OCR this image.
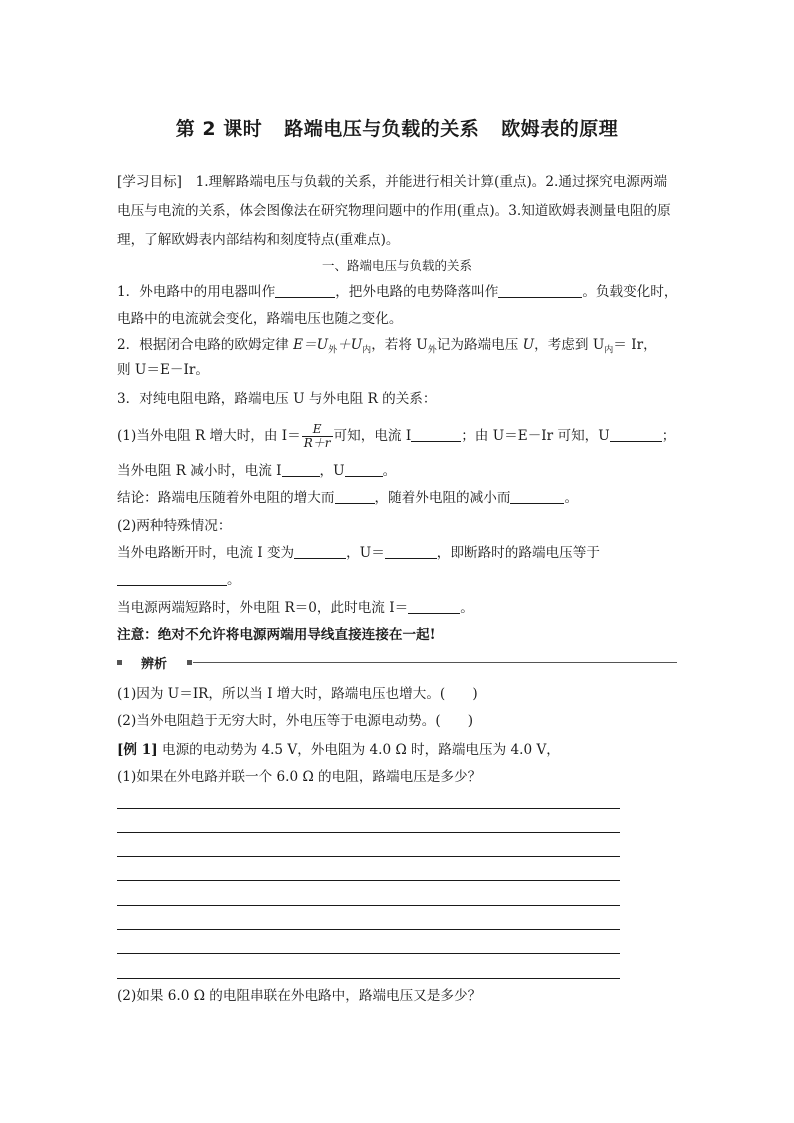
第 2 课时 路端电压与负载的关系 欧姆表的原理
[学习目标]　1.理解路端电压与负载的关系，并能进行相关计算(重点)。2.通过探究电源两端
电压与电流的关系，体会图像法在研究物理问题中的作用(重点)。3.知道欧姆表测量电阻的原
理，了解欧姆表内部结构和刻度特点(重难点)。
一、路端电压与负载的关系
1．外电路中的用电器叫作	，把外电路的电势降落叫作	。负载变化时，
电路中的电流就会变化，路端电压也随之变化。
2．根据闭合电路的欧姆定律 $E=U_外+U_内$，若将 $U_外$记为路端电压 U，考虑到 $U_内= Ir$，
则 U＝E－Ir。
3．对纯电阻电路，路端电压 U 与外电阻 R 的关系：
(1)当外电阻 R 增大时，由 $I= \frac{E}{R+r}$ 可知，电流 I	；由 U＝E－Ir 可知，U	；
当外电阻 R 减小时，电流 I	，U	。
结论：路端电压随着外电阻的增大而	，随着外电阻的减小而	。
(2)两种特殊情况：
当外电路断开时，电流 I 变为	，U＝	，即断路时的路端电压等于
。
当电源两端短路时，外电阻 R＝0，此时电流 I＝	。
注意：绝对不允许将电源两端用导线直接连接在一起!
辨析
(1)因为 U＝IR，所以当 I 增大时，路端电压也增大。(　　)
(2)当外电阻趋于无穷大时，外电压等于电源电动势。(　　)
[例 1] 电源的电动势为 4.5 V，外电阻为 4.0 Ω 时，路端电压为 4.0 V，
(1)如果在外电路并联一个 6.0 Ω 的电阻，路端电压是多少？
(2)如果 6.0 Ω 的电阻串联在外电路中，路端电压又是多少？
